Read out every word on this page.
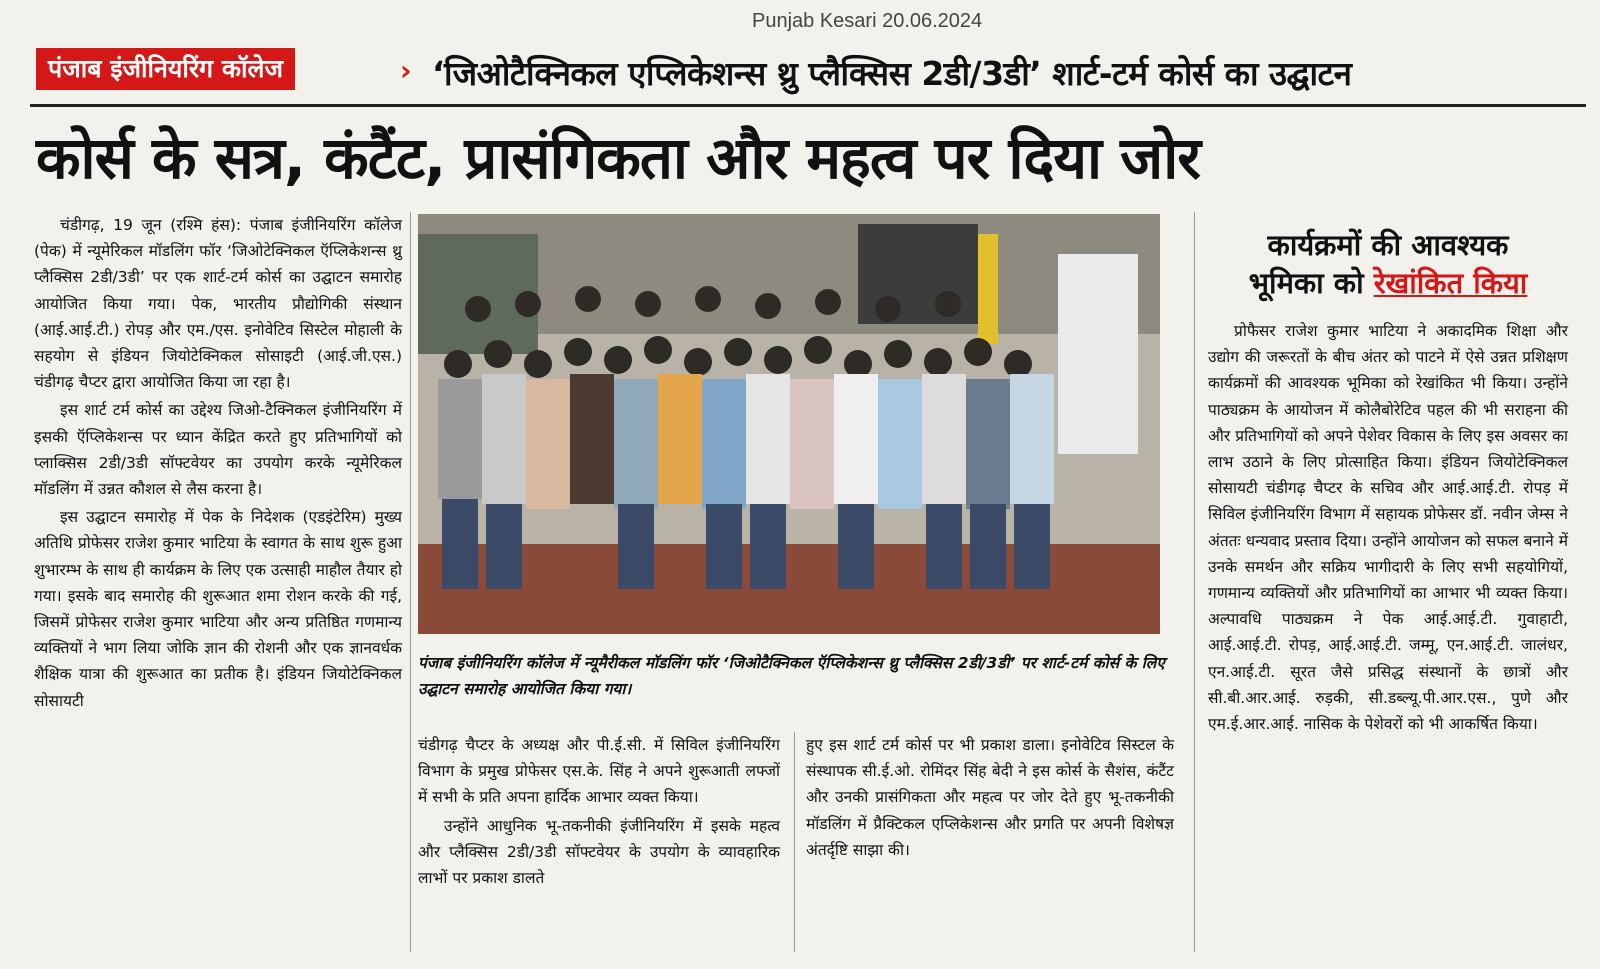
Punjab Kesari 20.06.2024
पंजाब इंजीनियरिंग कॉलेज	› ‘जिओटैक्निकल एप्लिकेशन्स थ्रु प्लैक्सिस 2डी/3डी’ शार्ट-टर्म कोर्स का उद्घाटन
कोर्स के सत्र, कंटैंट, प्रासंगिकता और महत्व पर दिया जोर

चंडीगढ़, 19 जून (रश्मि हंस): पंजाब इंजीनियरिंग कॉलेज (पेक) में न्यूमेरिकल मॉडलिंग फॉर ‘जिओटेक्निकल ऍप्लिकेशन्स थ्रु प्लैक्सिस 2डी/3डी’ पर एक शार्ट-टर्म कोर्स का उद्घाटन समारोह आयोजित किया गया। पेक, भारतीय प्रौद्योगिकी संस्थान (आई.आई.टी.) रोपड़ और एम./एस. इनोवेटिव सिस्टेल मोहाली के सहयोग से इंडियन जियोटेक्निकल सोसाइटी (आई.जी.एस.) चंडीगढ़ चैप्टर द्वारा आयोजित किया जा रहा है।

इस शार्ट टर्म कोर्स का उद्देश्य जिओ-टैक्निकल इंजीनियरिंग में इसकी ऍप्लिकेशन्स पर ध्यान केंद्रित करते हुए प्रतिभागियों को प्लाक्सिस 2डी/3डी सॉफ्टवेयर का उपयोग करके न्यूमेरिकल मॉडलिंग में उन्नत कौशल से लैस करना है।

इस उद्घाटन समारोह में पेक के निदेशक (एडइंटेरिम) मुख्य अतिथि प्रोफेसर राजेश कुमार भाटिया के स्वागत के साथ शुरू हुआ शुभारम्भ के साथ ही कार्यक्रम के लिए एक उत्साही माहौल तैयार हो गया। इसके बाद समारोह की शुरूआत शमा रोशन करके की गई, जिसमें प्रोफेसर राजेश कुमार भाटिया और अन्य प्रतिष्ठित गणमान्य व्यक्तियों ने भाग लिया जोकि ज्ञान की रोशनी और एक ज्ञानवर्धक शैक्षिक यात्रा की शुरूआत का प्रतीक है। इंडियन जियोटेक्निकल सोसायटी

पंजाब इंजीनियरिंग कॉलेज में न्यूमैरीकल मॉडलिंग फॉर ‘जिओटैक्निकल ऍप्लिकेशन्स थ्रु प्लैक्सिस 2डी/3डी’ पर शार्ट-टर्म कोर्स के लिए उद्घाटन समारोह आयोजित किया गया।

चंडीगढ़ चैप्टर के अध्यक्ष और पी.ई.सी. में सिविल इंजीनियरिंग विभाग के प्रमुख प्रोफेसर एस.के. सिंह ने अपने शुरूआती लफ्जों में सभी के प्रति अपना हार्दिक आभार व्यक्त किया।

उन्होंने आधुनिक भू-तकनीकी इंजीनियरिंग में इसके महत्व और प्लैक्सिस 2डी/3डी सॉफ्टवेयर के उपयोग के व्यावहारिक लाभों पर प्रकाश डालते

हुए इस शार्ट टर्म कोर्स पर भी प्रकाश डाला। इनोवेटिव सिस्टल के संस्थापक सी.ई.ओ. रोमिंदर सिंह बेदी ने इस कोर्स के सैशंस, कंटैंट और उनकी प्रासंगिकता और महत्व पर जोर देते हुए भू-तकनीकी मॉडलिंग में प्रैक्टिकल एप्लिकेशन्स और प्रगति पर अपनी विशेषज्ञ अंतर्दृष्टि साझा की।

कार्यक्रमों की आवश्यक
भूमिका को रेखांकित किया

प्रोफैसर राजेश कुमार भाटिया ने अकादमिक शिक्षा और उद्योग की जरूरतों के बीच अंतर को पाटने में ऐसे उन्नत प्रशिक्षण कार्यक्रमों की आवश्यक भूमिका को रेखांकित भी किया। उन्होंने पाठ्यक्रम के आयोजन में कोलैबोरेटिव पहल की भी सराहना की और प्रतिभागियों को अपने पेशेवर विकास के लिए इस अवसर का लाभ उठाने के लिए प्रोत्साहित किया। इंडियन जियोटेक्निकल सोसायटी चंडीगढ़ चैप्टर के सचिव और आई.आई.टी. रोपड़ में सिविल इंजीनियरिंग विभाग में सहायक प्रोफेसर डॉ. नवीन जेम्स ने अंततः धन्यवाद प्रस्ताव दिया। उन्होंने आयोजन को सफल बनाने में उनके समर्थन और सक्रिय भागीदारी के लिए सभी सहयोगियों, गणमान्य व्यक्तियों और प्रतिभागियों का आभार भी व्यक्त किया। अल्पावधि पाठ्यक्रम ने पेक आई.आई.टी. गुवाहाटी, आई.आई.टी. रोपड़, आई.आई.टी. जम्मू, एन.आई.टी. जालंधर, एन.आई.टी. सूरत जैसे प्रसिद्ध संस्थानों के छात्रों और सी.बी.आर.आई. रुड़की, सी.डब्ल्यू.पी.आर.एस., पुणे और एम.ई.आर.आई. नासिक के पेशेवरों को भी आकर्षित किया।
